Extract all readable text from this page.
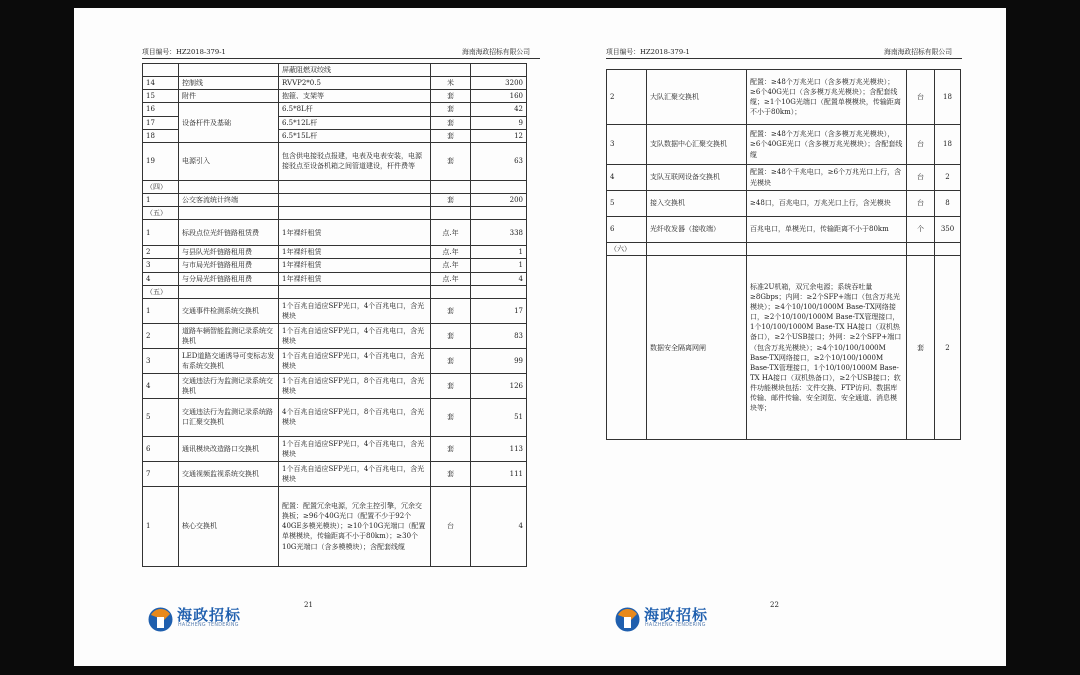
项目编号：HZ2018-379-1	海南海政招标有限公司
		屏蔽阻燃双绞线		
14	控制线	RVVP2*0.5	米	3200
15	附件	抱箍、支架等	套	160
16	设备杆件及基础	6.5*8L杆	套	42
17		6.5*12L杆	套	9
18		6.5*15L杆	套	12
19	电源引入	包含供电接驳点报建，电表及电表安装，电源接驳点至设备机箱之间管道建设，杆件费等	套	63
（四）				
1	公交客流统计终端		套	200
（五）				
1	标段点位光纤链路租赁费	1年裸纤租赁	点.年	338
2	与县队光纤链路租用费	1年裸纤租赁	点.年	1
3	与市局光纤链路租用费	1年裸纤租赁	点.年	1
4	与分局光纤链路租用费	1年裸纤租赁	点.年	4
（五）				
1	交通事件检测系统交换机	1个百兆自适应SFP光口，4个百兆电口，含光模块	套	17
2	道路车辆智能监测记录系统交换机	1个百兆自适应SFP光口，4个百兆电口，含光模块	套	83
3	LED道路交通诱导可变标志发布系统交换机	1个百兆自适应SFP光口，4个百兆电口，含光模块	套	99
4	交通违法行为监测记录系统交换机	1个百兆自适应SFP光口，8个百兆电口，含光模块	套	126
5	交通违法行为监测记录系统路口汇聚交换机	4个百兆自适应SFP光口，8个百兆电口，含光模块	套	51
6	通讯模块改造路口交换机	1个百兆自适应SFP光口，4个百兆电口，含光模块	套	113
7	交通视频监视系统交换机	1个百兆自适应SFP光口，4个百兆电口，含光模块	套	111
1	核心交换机	配置：配置冗余电源，冗余主控引擎，冗余交换板；≥96个40G光口（配置不少于92个40GE多模光模块）；≥10个10G光端口（配置单模模块，传输距离不小于80km）；≥30个10G光端口（含多模模块）；含配套线缆	台	4
海政招标
HAIZHENG TENDERING
21
项目编号：HZ2018-379-1	海南海政招标有限公司
2	大队汇聚交换机	配置：≥48个万兆光口（含多模万兆光模块）；≥6个40G光口（含多模万兆光模块）；含配套线缆；≥1个10G光端口（配置单模模块，传输距离不小于80km）；	台	18
3	支队数据中心汇聚交换机	配置：≥48个万兆光口（含多模万兆光模块），≥6个40GE光口（含多模万兆光模块）；含配套线缆	台	18
4	支队互联网设备交换机	配置：≥48个千兆电口，≥6个万兆光口上行，含光模块	台	2
5	接入交换机	≥48口，百兆电口，万兆光口上行，含光模块	台	8
6	光纤收发器（接收端）	百兆电口，单模光口，传输距离不小于80km	个	350
（六）				
	数据安全隔离网闸	标准2U机箱，双冗余电源；系统吞吐量≥8Gbps；内网：≥2个SFP+端口（包含万兆光模块）；≥4个10/100/1000M Base-TX网络接口，≥2个10/100/1000M Base-TX管理接口，1个10/100/1000M Base-TX HA接口（双机热备口），≥2个USB接口；外网：≥2个SFP+端口（包含万兆光模块）；≥4个10/100/1000M Base-TX网络接口，≥2个10/100/1000M Base-TX管理接口，1个10/100/1000M Base-TX HA接口（双机热备口），≥2个USB接口；软件功能模块包括：文件交换、FTP访问、数据库传输、邮件传输、安全浏览、安全通道、消息模块等；	套	2
海政招标
HAIZHENG TENDERING
22
